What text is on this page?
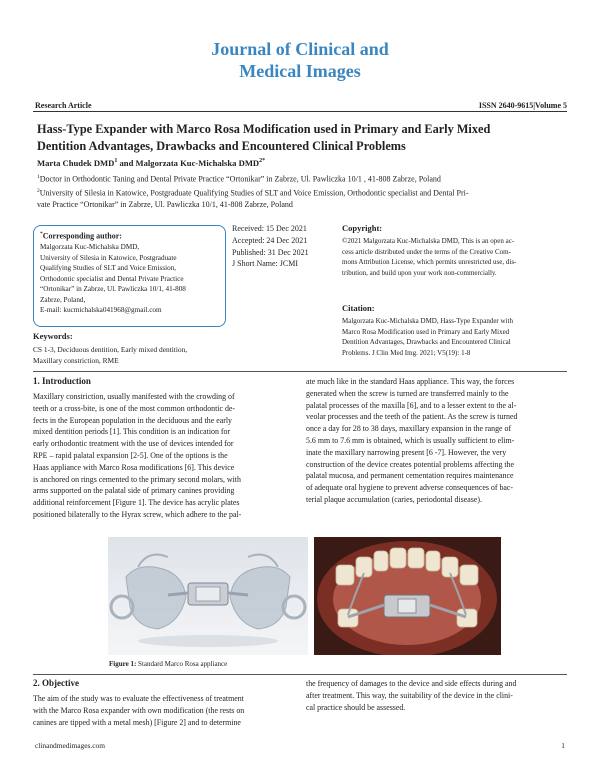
Journal of Clinical and
Medical Images
Research Article	ISSN 2640-9615|Volume 5
Hass-Type Expander with Marco Rosa Modification used in Primary and Early Mixed
Dentition Advantages, Drawbacks and Encountered Clinical Problems
Marta Chudek DMD$^1$ and Malgorzata Kuc-Michalska $DMD^{2*}$
$^1$Doctor in Orthodontic Taning and Dental Private Practice “Ortonikar” in Zabrze, Ul. Pawliczka 10/1 , 41-808 Zabrze, Poland
$^2$University of Silesia in Katowice, Postgraduate Qualifying Studies of SLT and Voice Emission, Orthodontic specialist and Dental Pri-
vate Practice “Ortonikar” in Zabrze, Ul. Pawliczka 10/1, 41-808 Zabrze, Poland
*Corresponding author:
Malgorzata Kuc-Michalska DMD,
University of Silesia in Katowice, Postgraduate
Qualifying Studies of SLT and Voice Emission,
Orthodontic specialist and Dental Private Practice
“Ortonikar” in Zabrze, Ul. Pawliczka 10/1, 41-808
Zabrze, Poland,
E-mail: kucmichalska041968@gmail.com
Received: 15 Dec 2021
Accepted: 24 Dec 2021
Published: 31 Dec 2021
J Short Name: JCMI
Copyright:
©2021 Malgorzata Kuc-Michalska DMD, This is an open ac-
cess article distributed under the terms of the Creative Com-
mons Attribution License, which permits unrestricted use, dis-
tribution, and build upon your work non-commercially.
Citation:
Malgorzata Kuc-Michalska DMD, Hass-Type Expander with
Marco Rosa Modification used in Primary and Early Mixed
Dentition Advantages, Drawbacks and Encountered Clinical
Problems. J Clin Med Img. 2021; V5(19): 1-8
Keywords:
CS 1-3, Deciduous dentition, Early mixed dentition,
Maxillary constriction, RME
1. Introduction
Maxillary constriction, usually manifested with the crowding of
teeth or a cross-bite, is one of the most common orthodontic de-
fects in the European population in the deciduous and the early
mixed dentition periods [1]. This condition is an indication for
early orthodontic treatment with the use of devices intended for
RPE – rapid palatal expansion [2-5]. One of the options is the
Haas appliance with Marco Rosa modifications [6]. This device
is anchored on rings cemented to the primary second molars, with
arms supported on the palatal side of primary canines providing
additional reinforcement [Figure 1]. The device has acrylic plates
positioned bilaterally to the Hyrax screw, which adhere to the pal-
ate much like in the standard Haas appliance. This way, the forces
generated when the screw is turned are transferred mainly to the
palatal processes of the maxilla [6], and to a lesser extent to the al-
veolar processes and the teeth of the patient. As the screw is turned
once a day for 28 to 38 days, maxillary expansion in the range of
5.6 mm to 7.6 mm is obtained, which is usually sufficient to elim-
inate the maxillary narrowing present [6 -7]. However, the very
construction of the device creates potential problems affecting the
palatal mucosa, and permanent cementation requires maintenance
of adequate oral hygiene to prevent adverse consequences of bac-
terial plaque accumulation (caries, periodontal disease).
Figure 1: Standard Marco Rosa appliance
2. Objective
The aim of the study was to evaluate the effectiveness of treatment
with the Marco Rosa expander with own modification (the rests on
canines are tipped with a metal mesh) [Figure 2] and to determine
the frequency of damages to the device and side effects during and
after treatment. This way, the suitability of the device in the clini-
cal practice should be assessed.
clinandmedimages.com	1
